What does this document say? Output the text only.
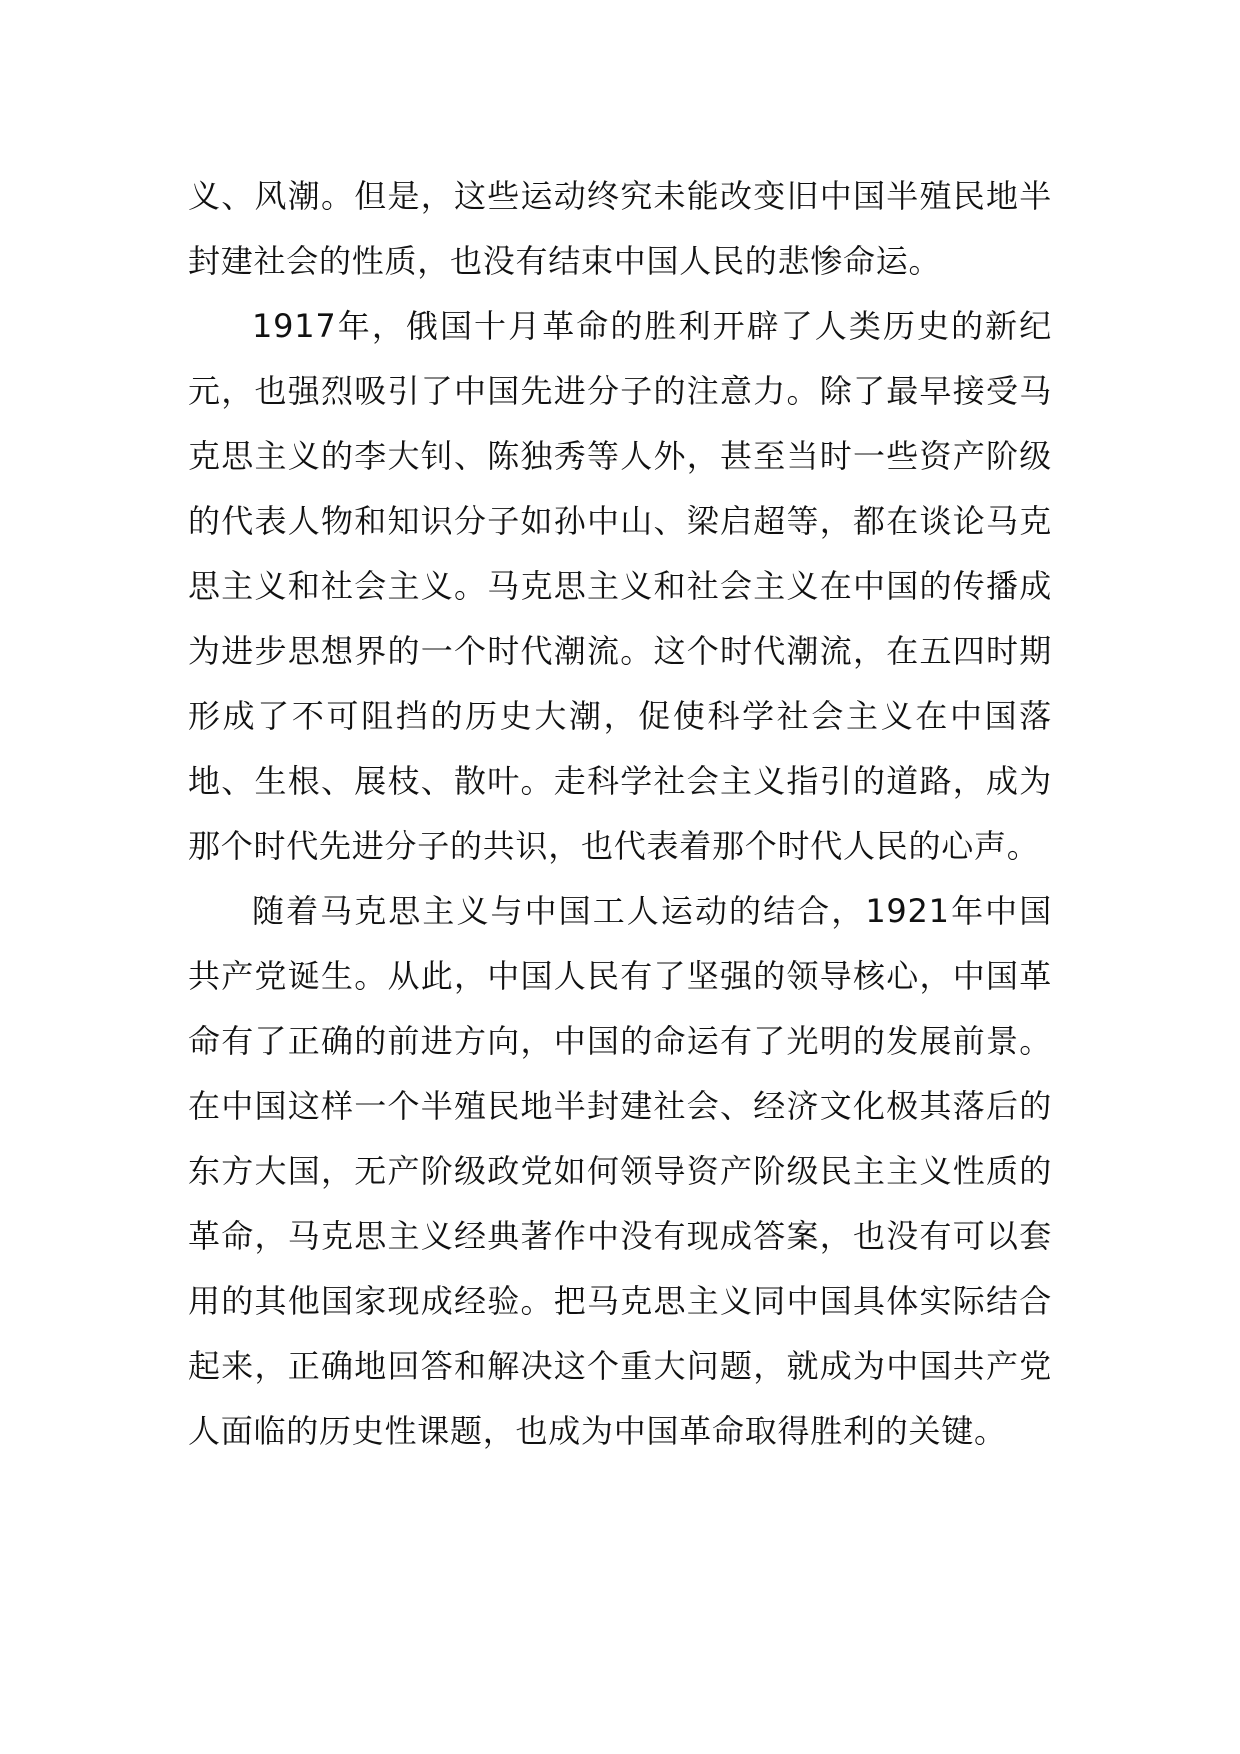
义、风潮。但是，这些运动终究未能改变旧中国半殖民地半封建社会的性质，也没有结束中国人民的悲惨命运。

1917年，俄国十月革命的胜利开辟了人类历史的新纪元，也强烈吸引了中国先进分子的注意力。除了最早接受马克思主义的李大钊、陈独秀等人外，甚至当时一些资产阶级的代表人物和知识分子如孙中山、梁启超等，都在谈论马克思主义和社会主义。马克思主义和社会主义在中国的传播成为进步思想界的一个时代潮流。这个时代潮流，在五四时期形成了不可阻挡的历史大潮，促使科学社会主义在中国落地、生根、展枝、散叶。走科学社会主义指引的道路，成为那个时代先进分子的共识，也代表着那个时代人民的心声。

随着马克思主义与中国工人运动的结合，1921年中国共产党诞生。从此，中国人民有了坚强的领导核心，中国革命有了正确的前进方向，中国的命运有了光明的发展前景。在中国这样一个半殖民地半封建社会、经济文化极其落后的东方大国，无产阶级政党如何领导资产阶级民主主义性质的革命，马克思主义经典著作中没有现成答案，也没有可以套用的其他国家现成经验。把马克思主义同中国具体实际结合起来，正确地回答和解决这个重大问题，就成为中国共产党人面临的历史性课题，也成为中国革命取得胜利的关键。
